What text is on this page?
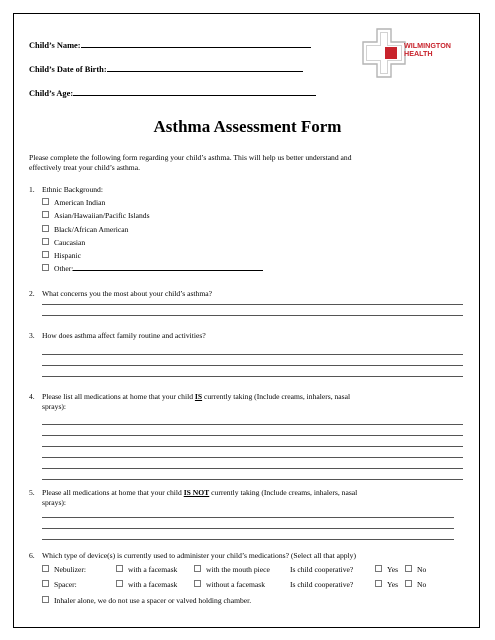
Child’s Name:
Child’s Date of Birth:
Child’s Age:
WILMINGTON
HEALTH
Asthma Assessment Form
Please complete the following form regarding your child’s asthma. This will help us better understand and
effectively treat your child’s asthma.
1. Ethnic Background:
American Indian
Asian/Hawaiian/Pacific Islands
Black/African American
Caucasian
Hispanic
Other:
2. What concerns you the most about your child’s asthma?
3. How does asthma affect family routine and activities?
4. Please list all medications at home that your child IS currently taking (Include creams, inhalers, nasal
sprays):
5. Please all medications at home that your child IS NOT currently taking (Include creams, inhalers, nasal
sprays):
6. Which type of device(s) is currently used to administer your child’s medications? (Select all that apply)
Nebulizer:	with a facemask	with the mouth piece	Is child cooperative?	Yes	No
Spacer:	with a facemask	without a facemask	Is child cooperative?	Yes	No
Inhaler alone, we do not use a spacer or valved holding chamber.
